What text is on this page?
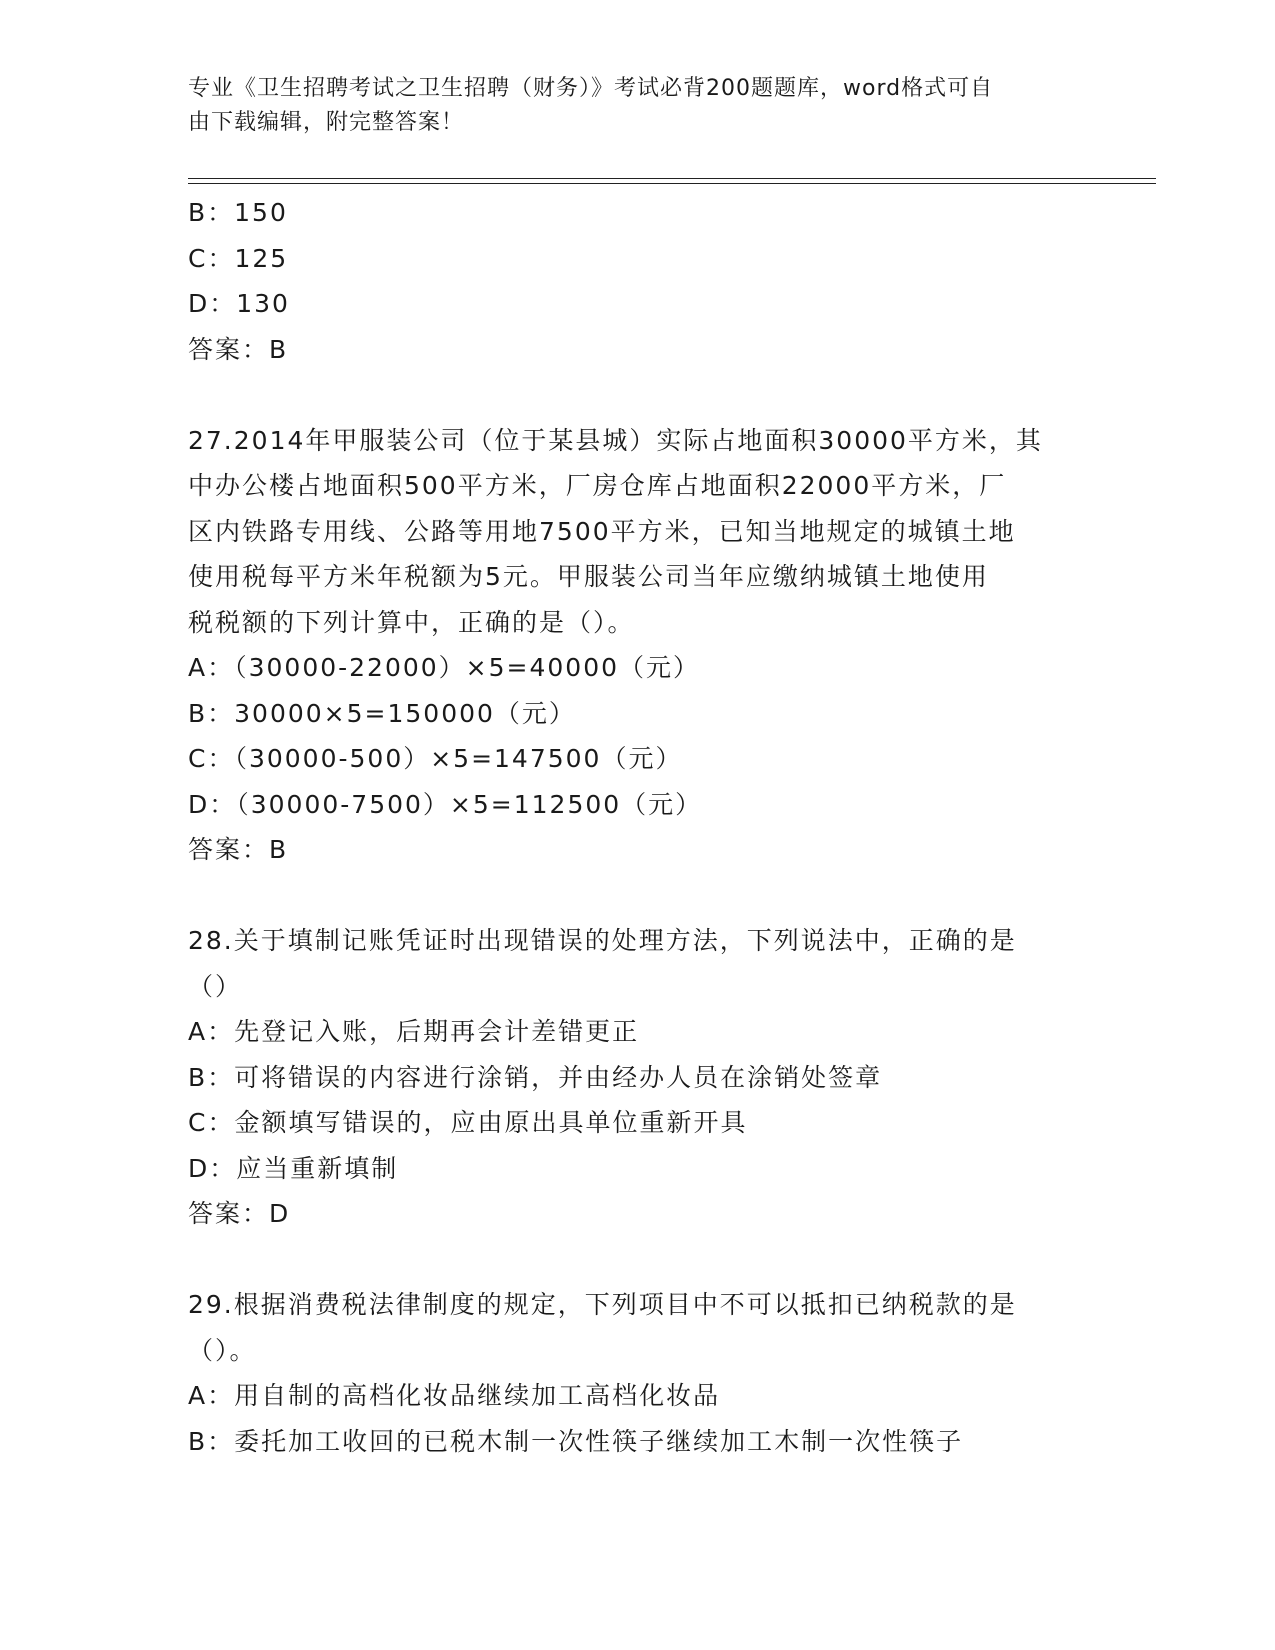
专业《卫生招聘考试之卫生招聘（财务）》考试必背200题题库，word格式可自
由下载编辑，附完整答案！
B：150
C：125
D：130
答案：B
27.2014年甲服装公司（位于某县城）实际占地面积30000平方米，其
中办公楼占地面积500平方米，厂房仓库占地面积22000平方米，厂
区内铁路专用线、公路等用地7500平方米，已知当地规定的城镇土地
使用税每平方米年税额为5元。甲服装公司当年应缴纳城镇土地使用
税税额的下列计算中，正确的是（）。
A：（30000-22000）×5=40000（元）
B：30000×5=150000（元）
C：（30000-500）×5=147500（元）
D：（30000-7500）×5=112500（元）
答案：B
28.关于填制记账凭证时出现错误的处理方法，下列说法中，正确的是
（）
A：先登记入账，后期再会计差错更正
B：可将错误的内容进行涂销，并由经办人员在涂销处签章
C：金额填写错误的，应由原出具单位重新开具
D：应当重新填制
答案：D
29.根据消费税法律制度的规定，下列项目中不可以抵扣已纳税款的是
（）。
A：用自制的高档化妆品继续加工高档化妆品
B：委托加工收回的已税木制一次性筷子继续加工木制一次性筷子
